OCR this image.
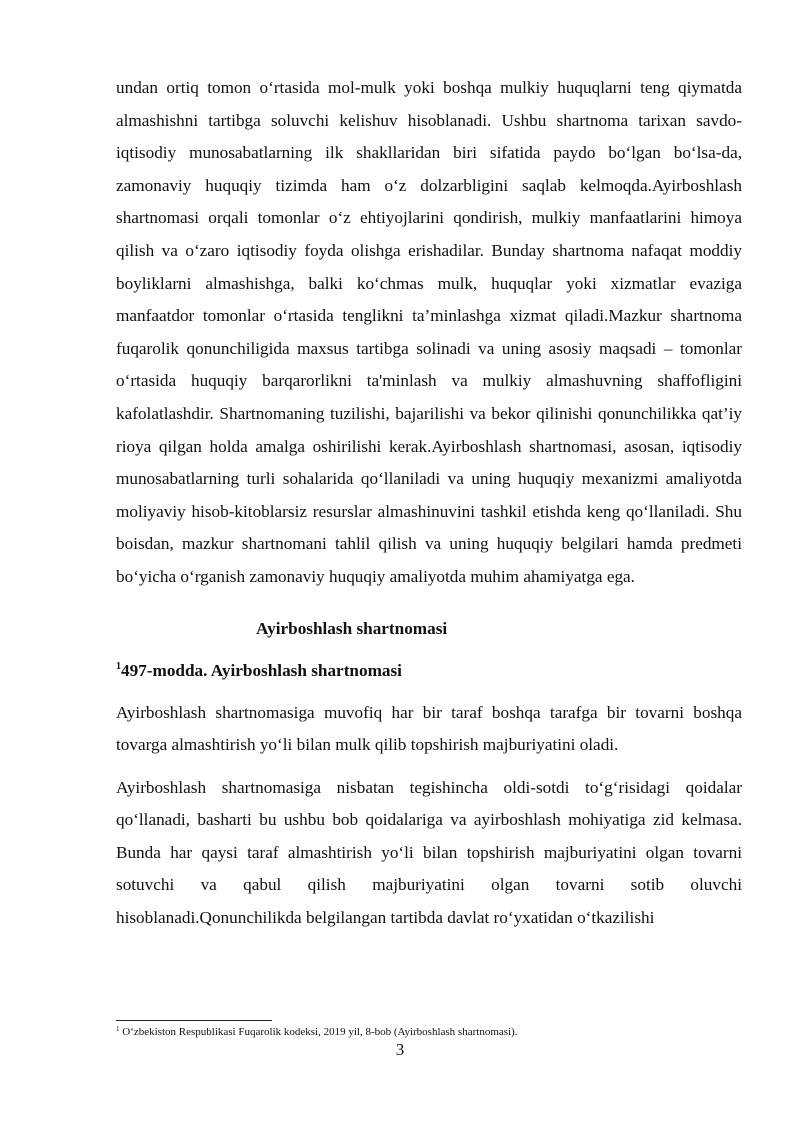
undan ortiq tomon o‘rtasida mol-mulk yoki boshqa mulkiy huquqlarni teng qiymatda almashishni tartibga soluvchi kelishuv hisoblanadi. Ushbu shartnoma tarixan savdo-iqtisodiy munosabatlarning ilk shakllaridan biri sifatida paydo bo‘lgan bo‘lsa-da, zamonaviy huquqiy tizimda ham o‘z dolzarbligini saqlab kelmoqda.Ayirboshlash shartnomasi orqali tomonlar o‘z ehtiyojlarini qondirish, mulkiy manfaatlarini himoya qilish va o‘zaro iqtisodiy foyda olishga erishadilar. Bunday shartnoma nafaqat moddiy boyliklarni almashishga, balki ko‘chmas mulk, huquqlar yoki xizmatlar evaziga manfaatdor tomonlar o‘rtasida tenglikni ta’minlashga xizmat qiladi.Mazkur shartnoma fuqarolik qonunchiligida maxsus tartibga solinadi va uning asosiy maqsadi – tomonlar o‘rtasida huquqiy barqarorlikni ta'minlash va mulkiy almashuvning shaffofligini kafolatlashdir. Shartnomaning tuzilishi, bajarilishi va bekor qilinishi qonunchilikka qat’iy rioya qilgan holda amalga oshirilishi kerak.Ayirboshlash shartnomasi, asosan, iqtisodiy munosabatlarning turli sohalarida qo‘llaniladi va uning huquqiy mexanizmi amaliyotda moliyaviy hisob-kitoblarsiz resurslar almashinuvini tashkil etishda keng qo‘llaniladi. Shu boisdan, mazkur shartnomani tahlil qilish va uning huquqiy belgilari hamda predmeti bo‘yicha o‘rganish zamonaviy huquqiy amaliyotda muhim ahamiyatga ega.

Ayirboshlash shartnomasi

$^1$497-modda. Ayirboshlash shartnomasi

Ayirboshlash shartnomasiga muvofiq har bir taraf boshqa tarafga bir tovarni boshqa tovarga almashtirish yo‘li bilan mulk qilib topshirish majburiyatini oladi.

Ayirboshlash shartnomasiga nisbatan tegishincha oldi-sotdi to‘g‘risidagi qoidalar qo‘llanadi, basharti bu ushbu bob qoidalariga va ayirboshlash mohiyatiga zid kelmasa. Bunda har qaysi taraf almashtirish yo‘li bilan topshirish majburiyatini olgan tovarni sotuvchi va qabul qilish majburiyatini olgan tovarni sotib oluvchi hisoblanadi.Qonunchilikda belgilangan tartibda davlat ro‘yxatidan o‘tkazilishi

$^1$ O‘zbekiston Respublikasi Fuqarolik kodeksi, 2019 yil, 8-bob (Ayirboshlash shartnomasi).
3
